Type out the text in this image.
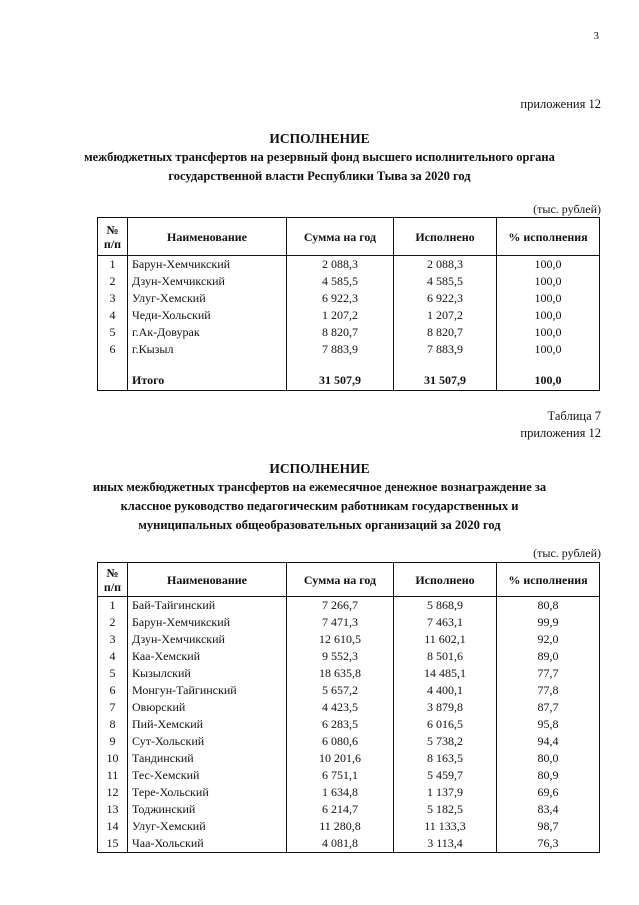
3
приложения 12
ИСПОЛНЕНИЕ
межбюджетных трансфертов на резервный фонд высшего исполнительного органа
государственной власти Республики Тыва за 2020 год
(тыс. рублей)
№ п/п	Наименование	Сумма на год	Исполнено	% исполнения
1	Барун-Хемчикский	2 088,3	2 088,3	100,0
2	Дзун-Хемчикский	4 585,5	4 585,5	100,0
3	Улуг-Хемский	6 922,3	6 922,3	100,0
4	Чеди-Хольский	1 207,2	1 207,2	100,0
5	г.Ак-Довурак	8 820,7	8 820,7	100,0
6	г.Кызыл	7 883,9	7 883,9	100,0

	Итого	31 507,9	31 507,9	100,0
Таблица 7
приложения 12
ИСПОЛНЕНИЕ
иных межбюджетных трансфертов на ежемесячное денежное вознаграждение за
классное руководство педагогическим работникам государственных и
муниципальных общеобразовательных организаций за 2020 год
(тыс. рублей)
№ п/п	Наименование	Сумма на год	Исполнено	% исполнения
1	Бай-Тайгинский	7 266,7	5 868,9	80,8
2	Барун-Хемчикский	7 471,3	7 463,1	99,9
3	Дзун-Хемчикский	12 610,5	11 602,1	92,0
4	Каа-Хемский	9 552,3	8 501,6	89,0
5	Кызылский	18 635,8	14 485,1	77,7
6	Монгун-Тайгинский	5 657,2	4 400,1	77,8
7	Овюрский	4 423,5	3 879,8	87,7
8	Пий-Хемский	6 283,5	6 016,5	95,8
9	Сут-Хольский	6 080,6	5 738,2	94,4
10	Тандинский	10 201,6	8 163,5	80,0
11	Тес-Хемский	6 751,1	5 459,7	80,9
12	Тере-Хольский	1 634,8	1 137,9	69,6
13	Тоджинский	6 214,7	5 182,5	83,4
14	Улуг-Хемский	11 280,8	11 133,3	98,7
15	Чаа-Хольский	4 081,8	3 113,4	76,3
